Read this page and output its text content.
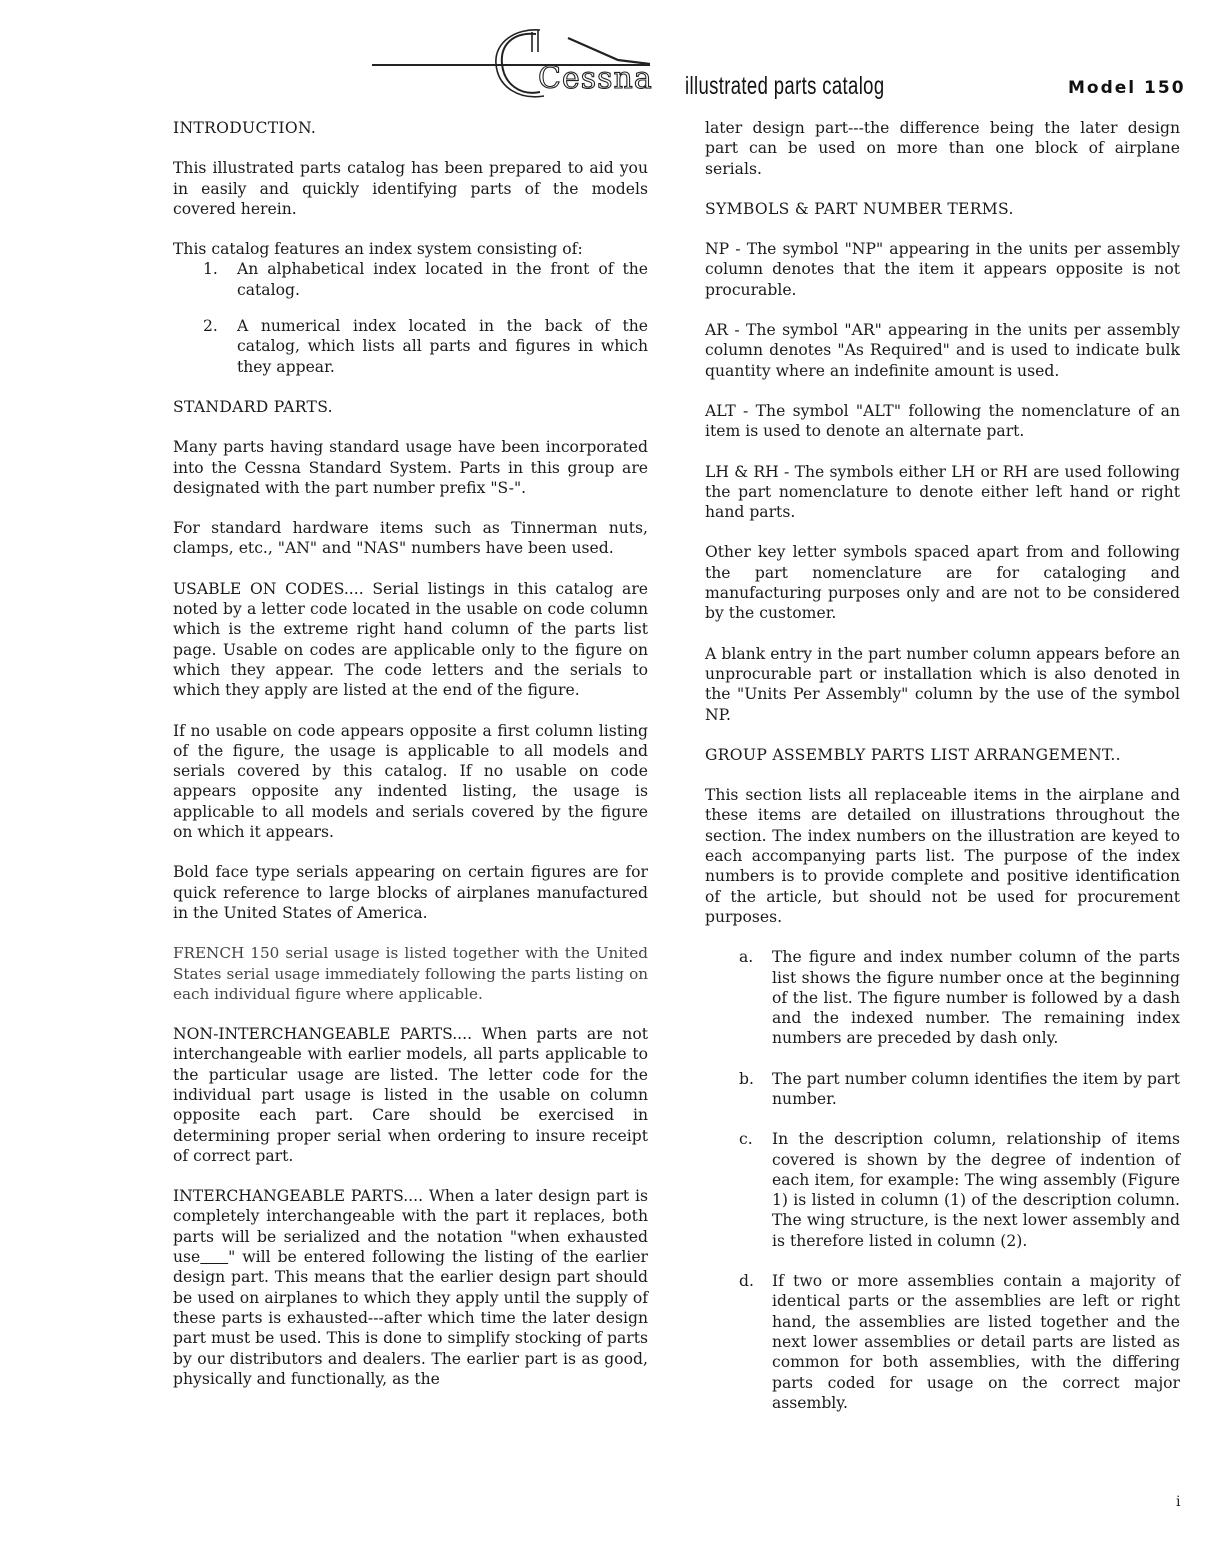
Cessna illustrated parts catalog	Model 150
INTRODUCTION.

This illustrated parts catalog has been prepared to aid you in easily and quickly identifying parts of the models covered herein.

This catalog features an index system consisting of:

1. An alphabetical index located in the front of the catalog.
2. A numerical index located in the back of the catalog, which lists all parts and figures in which they appear.
STANDARD PARTS.

Many parts having standard usage have been incorporated into the Cessna Standard System. Parts in this group are designated with the part number prefix "S-".

For standard hardware items such as Tinnerman nuts, clamps, etc., "AN" and "NAS" numbers have been used.

USABLE ON CODES.... Serial listings in this catalog are noted by a letter code located in the usable on code column which is the extreme right hand column of the parts list page. Usable on codes are applicable only to the figure on which they appear. The code letters and the serials to which they apply are listed at the end of the figure.

If no usable on code appears opposite a first column listing of the figure, the usage is applicable to all models and serials covered by this catalog. If no usable on code appears opposite any indented listing, the usage is applicable to all models and serials covered by the figure on which it appears.

Bold face type serials appearing on certain figures are for quick reference to large blocks of airplanes manufactured in the United States of America.

FRENCH 150 serial usage is listed together with the United States serial usage immediately following the parts listing on each individual figure where applicable.

NON-INTERCHANGEABLE PARTS.... When parts are not interchangeable with earlier models, all parts applicable to the particular usage are listed. The letter code for the individual part usage is listed in the usable on column opposite each part. Care should be exercised in determining proper serial when ordering to insure receipt of correct part.

INTERCHANGEABLE PARTS.... When a later design part is completely interchangeable with the part it replaces, both parts will be serialized and the notation "when exhausted use " will be entered following the listing of the earlier design part. This means that the earlier design part should be used on airplanes to which they apply until the supply of these parts is exhausted---after which time the later design part must be used. This is done to simplify stocking of parts by our distributors and dealers. The earlier part is as good, physically and functionally, as the

later design part---the difference being the later design part can be used on more than one block of airplane serials.

SYMBOLS & PART NUMBER TERMS.

NP - The symbol "NP" appearing in the units per assembly column denotes that the item it appears opposite is not procurable.

AR - The symbol "AR" appearing in the units per assembly column denotes "As Required" and is used to indicate bulk quantity where an indefinite amount is used.

ALT - The symbol "ALT" following the nomenclature of an item is used to denote an alternate part.

LH & RH - The symbols either LH or RH are used following the part nomenclature to denote either left hand or right hand parts.

Other key letter symbols spaced apart from and following the part nomenclature are for cataloging and manufacturing purposes only and are not to be considered by the customer.

A blank entry in the part number column appears before an unprocurable part or installation which is also denoted in the "Units Per Assembly" column by the use of the symbol NP.

GROUP ASSEMBLY PARTS LIST ARRANGEMENT..

This section lists all replaceable items in the airplane and these items are detailed on illustrations throughout the section. The index numbers on the illustration are keyed to each accompanying parts list. The purpose of the index numbers is to provide complete and positive identification of the article, but should not be used for procurement purposes.

a. The figure and index number column of the parts list shows the figure number once at the beginning of the list. The figure number is followed by a dash and the indexed number. The remaining index numbers are preceded by dash only.
b. The part number column identifies the item by part number.
c. In the description column, relationship of items covered is shown by the degree of indention of each item, for example: The wing assembly (Figure 1) is listed in column (1) of the description column. The wing structure, is the next lower assembly and is therefore listed in column (2).
d. If two or more assemblies contain a majority of identical parts or the assemblies are left or right hand, the assemblies are listed together and the next lower assemblies or detail parts are listed as common for both assemblies, with the differing parts coded for usage on the correct major assembly.
i
